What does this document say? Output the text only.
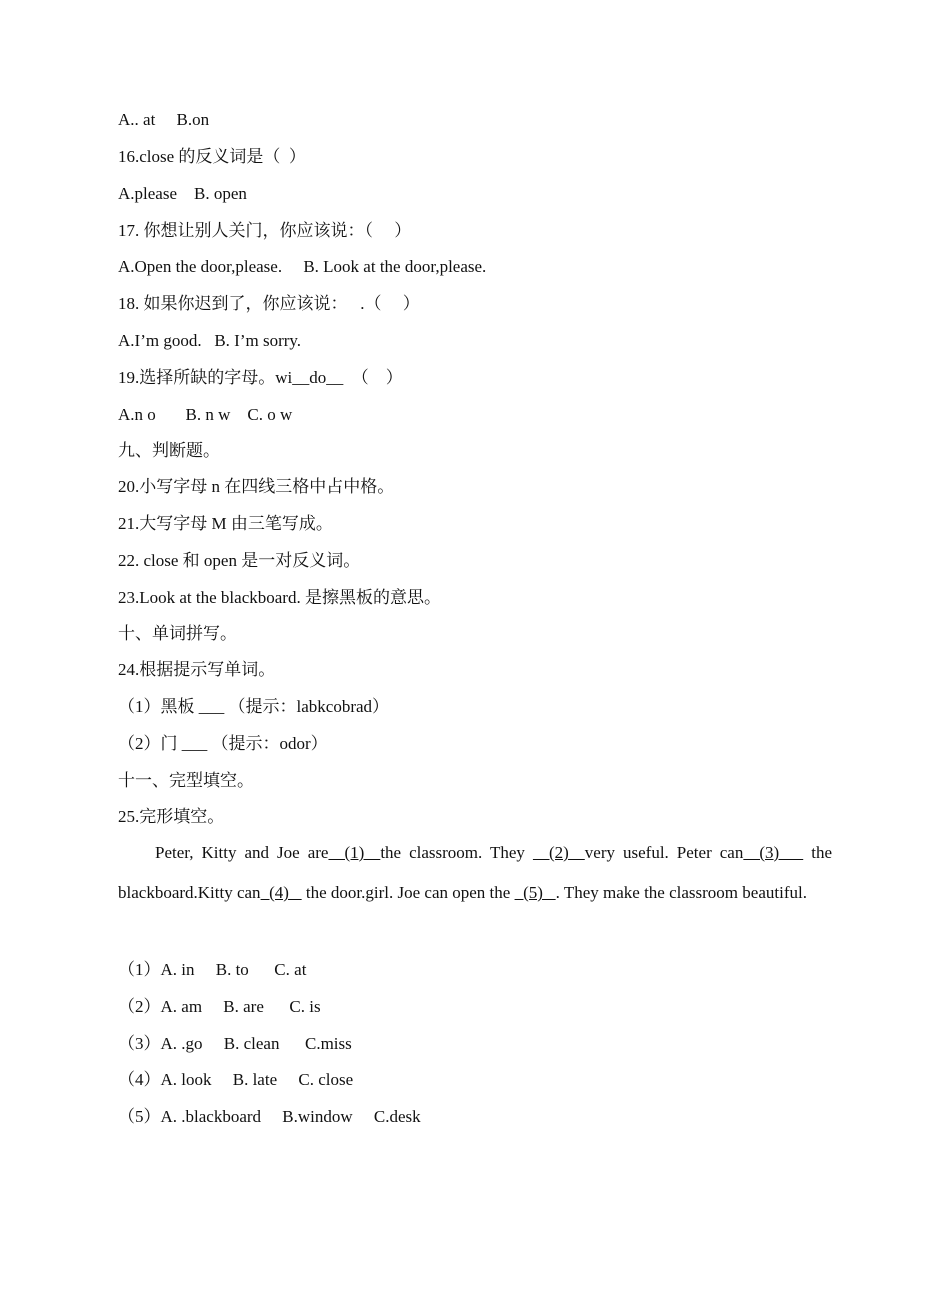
A.. at     B.on
16.close 的反义词是（  ）
A.please    B. open
17. 你想让别人关门，你应该说：（     ）
A.Open the door,please.     B. Look at the door,please.
18. 如果你迟到了，你应该说：   .（     ）
A.I’m good.   B. I’m sorry.
19.选择所缺的字母。wi__do__  （    ）
A.n o       B. n w    C. o w
九、判断题。
20.小写字母 n 在四线三格中占中格。
21.大写字母 M 由三笔写成。
22. close 和 open 是一对反义词。
23.Look at the blackboard. 是擦黑板的意思。
十、单词拼写。
24.根据提示写单词。
（1）黑板 ___ （提示：labkcobrad）
（2）门 ___ （提示：odor）
十一、完型填空。
25.完形填空。
Peter, Kitty and Joe are  (1)  the classroom. They   (2)  very useful. Peter can  (3)    the blackboard.Kitty can  (4)    the door.girl. Joe can open the   (5)   . They make the classroom beautiful.
（1）A. in     B. to      C. at
（2）A. am     B. are      C. is
（3）A. .go     B. clean      C.miss
（4）A. look     B. late     C. close
（5）A. .blackboard     B.window     C.desk
